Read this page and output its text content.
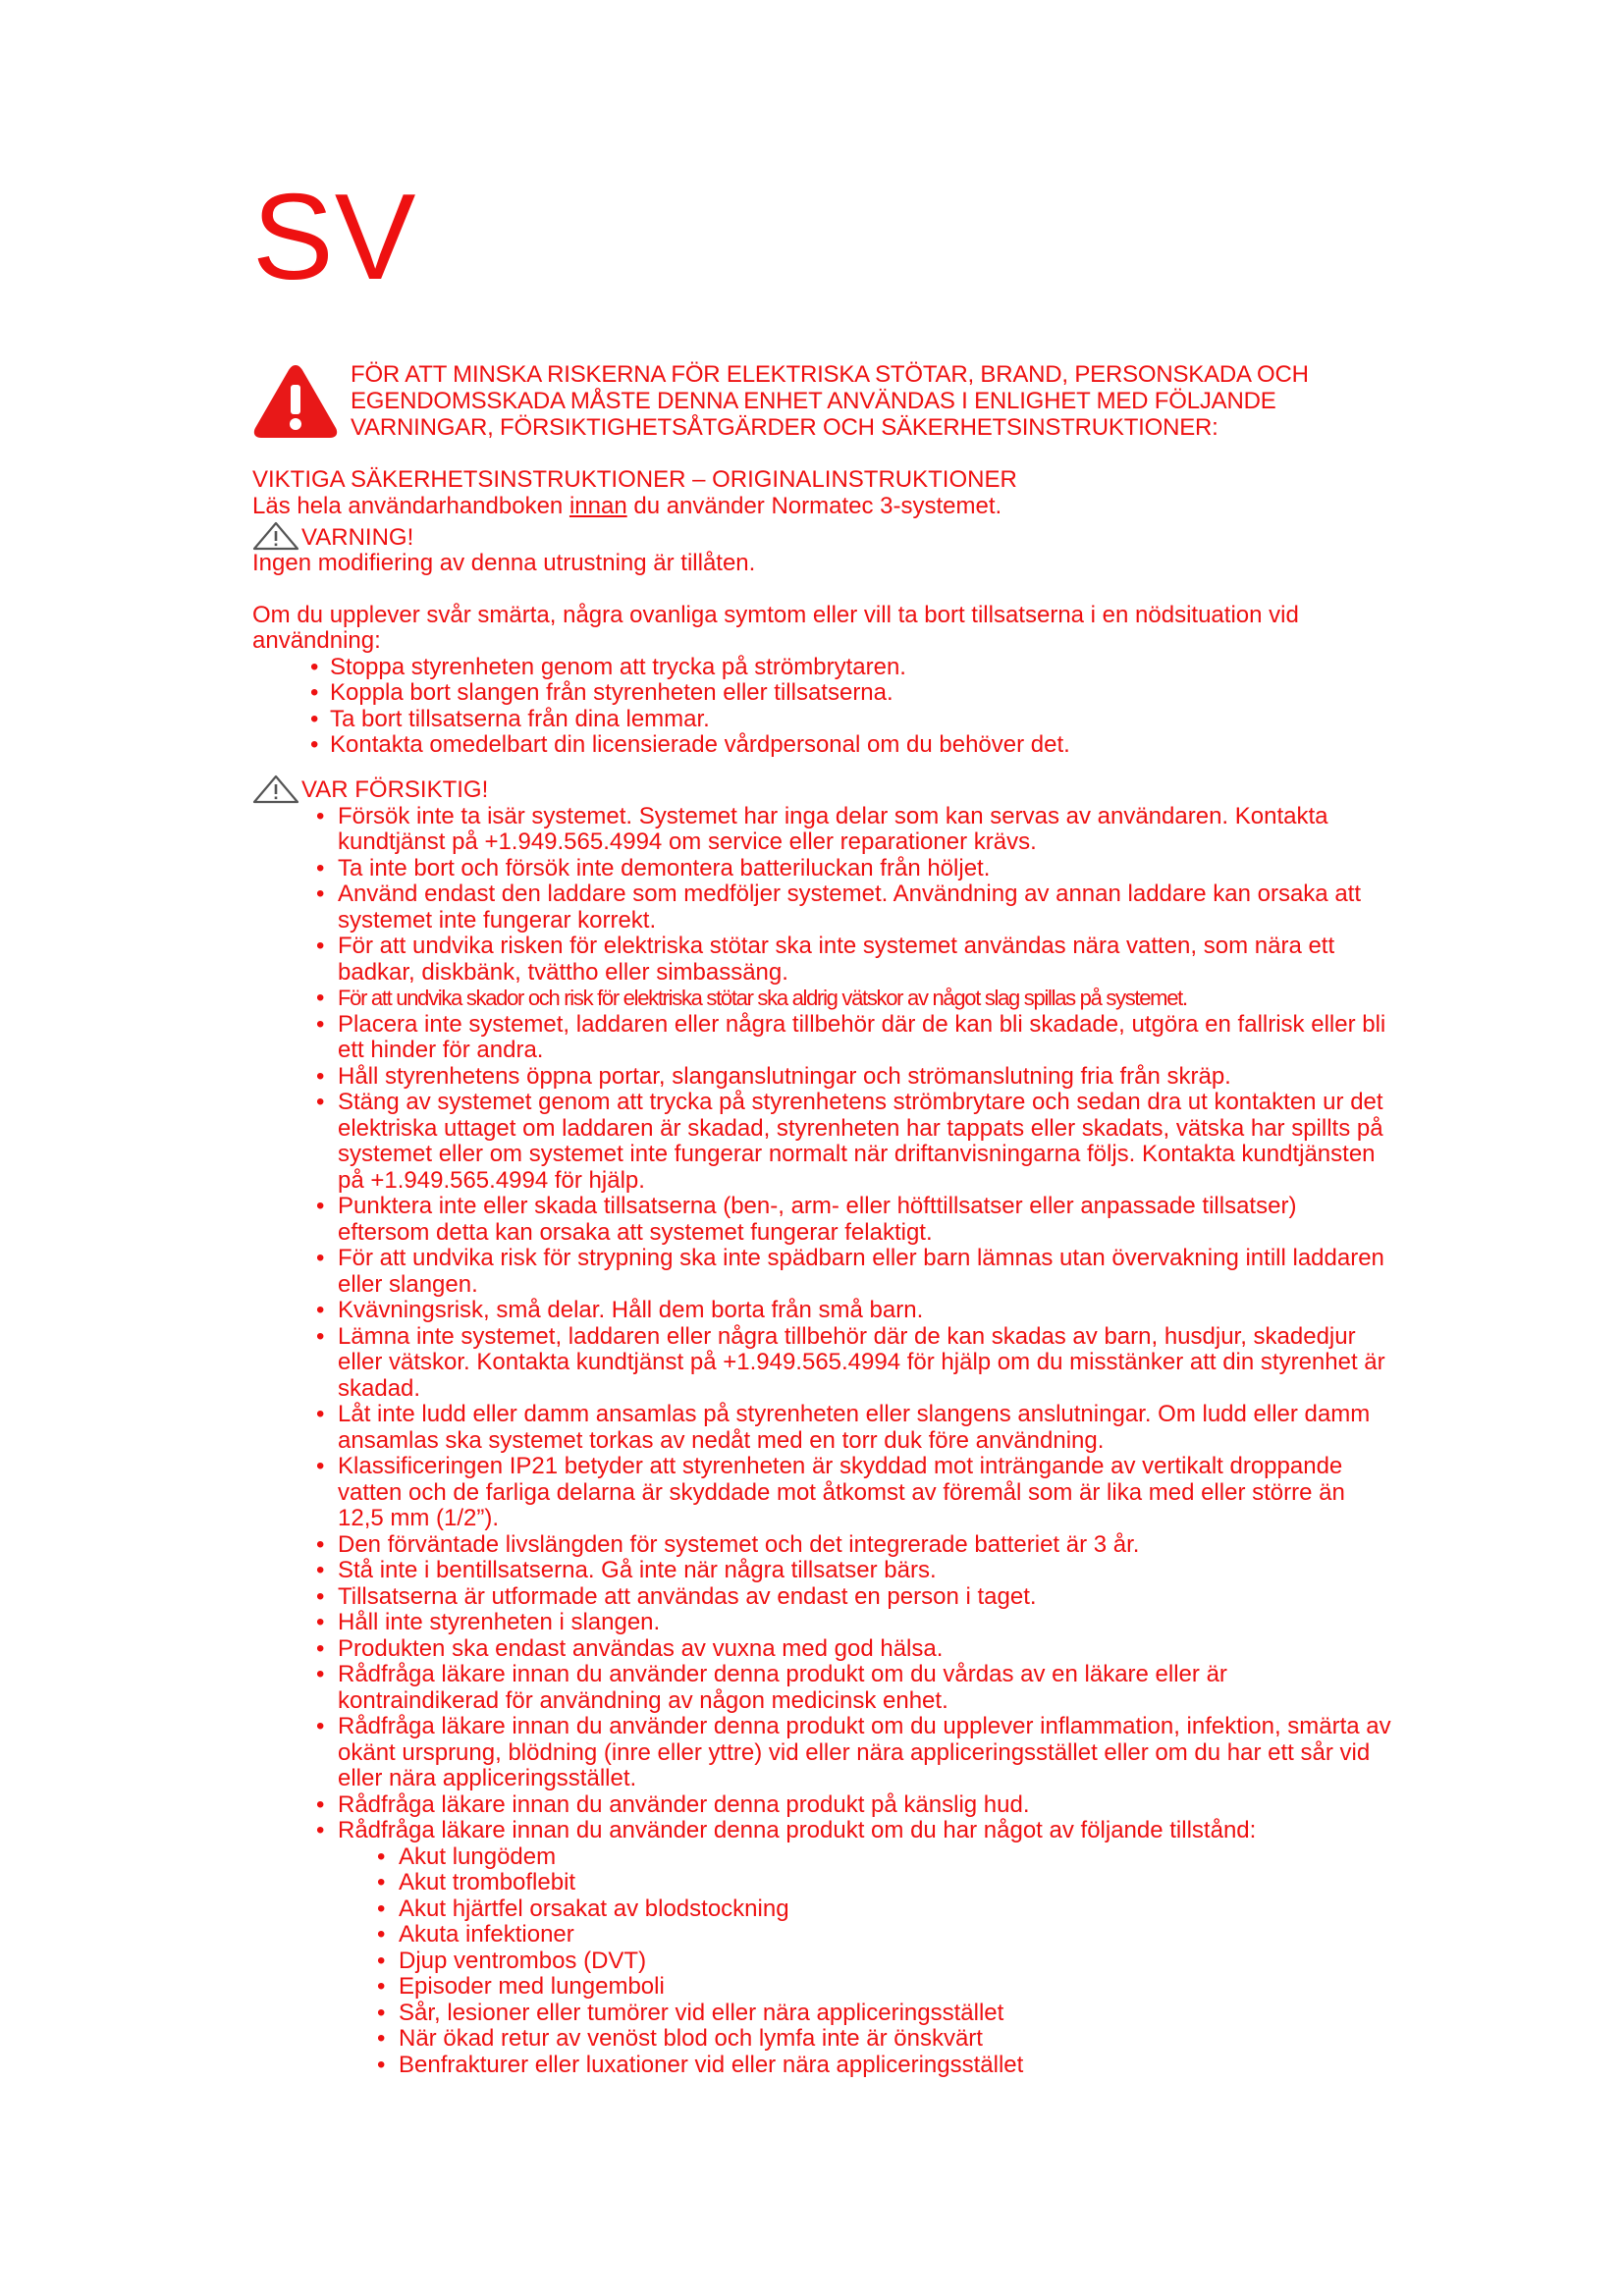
SV
FÖR ATT MINSKA RISKERNA FÖR ELEKTRISKA STÖTAR, BRAND, PERSONSKADA OCH EGENDOMSSKADA MÅSTE DENNA ENHET ANVÄNDAS I ENLIGHET MED FÖLJANDE VARNINGAR, FÖRSIKTIGHETSÅTGÄRDER OCH SÄKERHETSINSTRUKTIONER:

VIKTIGA SÄKERHETSINSTRUKTIONER – ORIGINALINSTRUKTIONER

Läs hela användarhandboken innan du använder Normatec 3-systemet.

VARNING!

Ingen modifiering av denna utrustning är tillåten.

Om du upplever svår smärta, några ovanliga symtom eller vill ta bort tillsatserna i en nödsituation vid användning:

• Stoppa styrenheten genom att trycka på strömbrytaren.
• Koppla bort slangen från styrenheten eller tillsatserna.
• Ta bort tillsatserna från dina lemmar.
• Kontakta omedelbart din licensierade vårdpersonal om du behöver det.
VAR FÖRSIKTIG!
• Försök inte ta isär systemet. Systemet har inga delar som kan servas av användaren. Kontakta kundtjänst på +1.949.565.4994 om service eller reparationer krävs.
• Ta inte bort och försök inte demontera batteriluckan från höljet.
• Använd endast den laddare som medföljer systemet. Användning av annan laddare kan orsaka att systemet inte fungerar korrekt.
• För att undvika risken för elektriska stötar ska inte systemet användas nära vatten, som nära ett badkar, diskbänk, tvättho eller simbassäng.
• För att undvika skador och risk för elektriska stötar ska aldrig vätskor av något slag spillas på systemet.
• Placera inte systemet, laddaren eller några tillbehör där de kan bli skadade, utgöra en fallrisk eller bli ett hinder för andra.
• Håll styrenhetens öppna portar, slanganslutningar och strömanslutning fria från skräp.
• Stäng av systemet genom att trycka på styrenhetens strömbrytare och sedan dra ut kontakten ur det elektriska uttaget om laddaren är skadad, styrenheten har tappats eller skadats, vätska har spillts på systemet eller om systemet inte fungerar normalt när driftanvisningarna följs. Kontakta kundtjänsten på +1.949.565.4994 för hjälp.
• Punktera inte eller skada tillsatserna (ben-, arm- eller höfttillsatser eller anpassade tillsatser) eftersom detta kan orsaka att systemet fungerar felaktigt.
• För att undvika risk för strypning ska inte spädbarn eller barn lämnas utan övervakning intill laddaren eller slangen.
• Kvävningsrisk, små delar. Håll dem borta från små barn.
• Lämna inte systemet, laddaren eller några tillbehör där de kan skadas av barn, husdjur, skadedjur eller vätskor. Kontakta kundtjänst på +1.949.565.4994 för hjälp om du misstänker att din styrenhet är skadad.
• Låt inte ludd eller damm ansamlas på styrenheten eller slangens anslutningar. Om ludd eller damm ansamlas ska systemet torkas av nedåt med en torr duk före användning.
• Klassificeringen IP21 betyder att styrenheten är skyddad mot inträngande av vertikalt droppande vatten och de farliga delarna är skyddade mot åtkomst av föremål som är lika med eller större än 12,5 mm (1/2”).
• Den förväntade livslängden för systemet och det integrerade batteriet är 3 år.
• Stå inte i bentillsatserna. Gå inte när några tillsatser bärs.
• Tillsatserna är utformade att användas av endast en person i taget.
• Håll inte styrenheten i slangen.
• Produkten ska endast användas av vuxna med god hälsa.
• Rådfråga läkare innan du använder denna produkt om du vårdas av en läkare eller är kontraindikerad för användning av någon medicinsk enhet.
• Rådfråga läkare innan du använder denna produkt om du upplever inflammation, infektion, smärta av okänt ursprung, blödning (inre eller yttre) vid eller nära appliceringsstället eller om du har ett sår vid eller nära appliceringsstället.
• Rådfråga läkare innan du använder denna produkt på känslig hud.
• Rådfråga läkare innan du använder denna produkt om du har något av följande tillstånd:
• Akut lungödem
• Akut tromboflebit
• Akut hjärtfel orsakat av blodstockning
• Akuta infektioner
• Djup ventrombos (DVT)
• Episoder med lungemboli
• Sår, lesioner eller tumörer vid eller nära appliceringsstället
• När ökad retur av venöst blod och lymfa inte är önskvärt
• Benfrakturer eller luxationer vid eller nära appliceringsstället
